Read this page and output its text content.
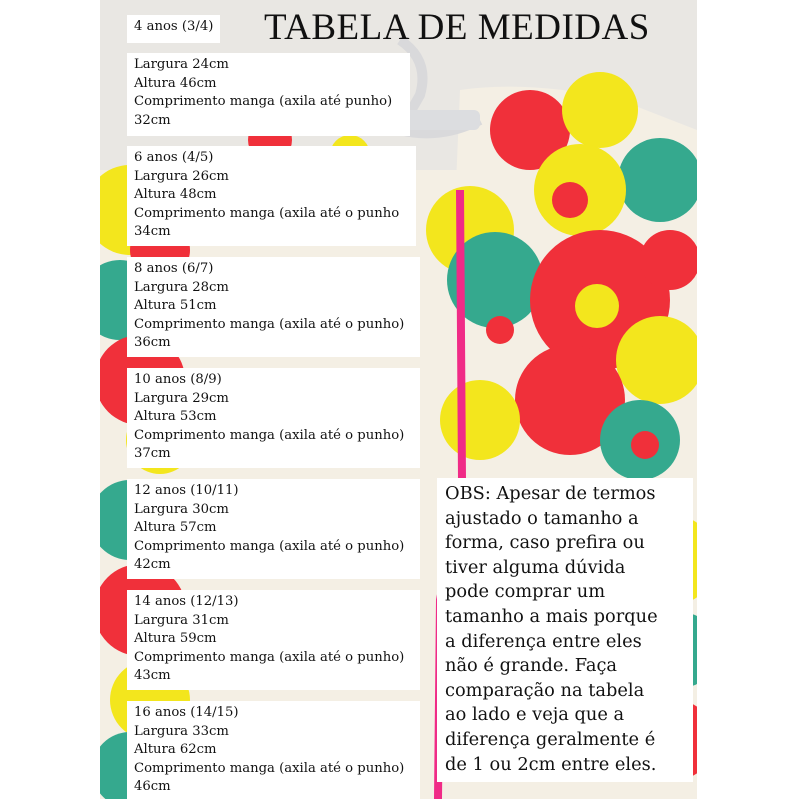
TABELA DE MEDIDAS
4 anos (3/4)
Largura 24cm
Altura 46cm
Comprimento manga (axila até punho)
32cm
6 anos (4/5)
Largura 26cm
Altura 48cm
Comprimento manga (axila até o punho
34cm
8 anos (6/7)
Largura 28cm
Altura 51cm
Comprimento manga (axila até o punho)
36cm
10 anos (8/9)
Largura 29cm
Altura 53cm
Comprimento manga (axila até o punho)
37cm
12 anos (10/11)
Largura 30cm
Altura 57cm
Comprimento manga (axila até o punho)
42cm
14 anos (12/13)
Largura 31cm
Altura 59cm
Comprimento manga (axila até o punho)
43cm
16 anos (14/15)
Largura 33cm
Altura 62cm
Comprimento manga (axila até o punho)
46cm
OBS: Apesar de termos
ajustado o tamanho a
forma, caso prefira ou
tiver alguma dúvida
pode comprar um
tamanho a mais porque
a diferença entre eles
não é grande. Faça
comparação na tabela
ao lado e veja que a
diferença geralmente é
de 1 ou 2cm entre eles.
